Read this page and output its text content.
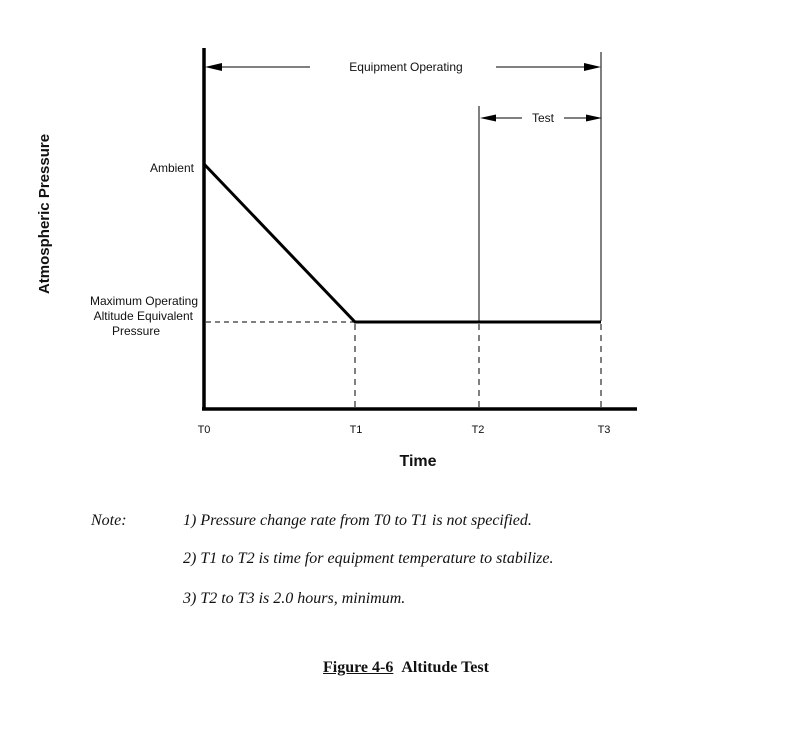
Atmospheric Pressure
Time
Ambient
Maximum Operating
Altitude Equivalent
Pressure
Equipment Operating
Test
T0	T1	T2	T3
Note:	1) Pressure change rate from T0 to T1 is not specified.
2) T1 to T2 is time for equipment temperature to stabilize.
3) T2 to T3 is 2.0 hours, minimum.
Figure 4-6 Altitude Test
